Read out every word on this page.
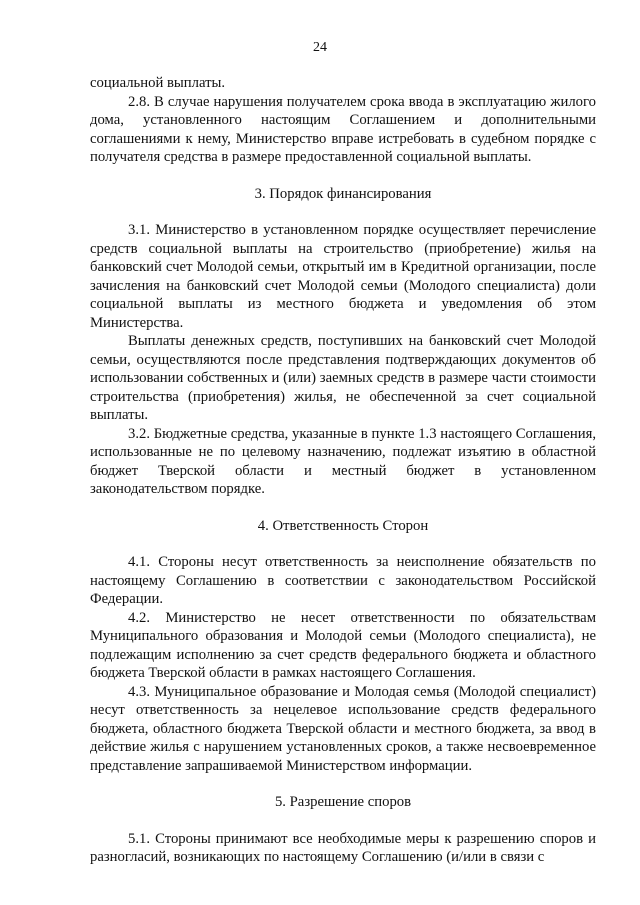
24

социальной выплаты.

2.8. В случае нарушения получателем срока ввода в эксплуатацию жилого дома, установленного настоящим Соглашением и дополнительными соглашениями к нему, Министерство вправе истребовать в судебном порядке с получателя средства в размере предоставленной социальной выплаты.

3. Порядок финансирования

3.1. Министерство в установленном порядке осуществляет перечисление средств социальной выплаты на строительство (приобретение) жилья на банковский счет Молодой семьи, открытый им в Кредитной организации, после зачисления на банковский счет Молодой семьи (Молодого специалиста) доли социальной выплаты из местного бюджета и уведомления об этом Министерства.

Выплаты денежных средств, поступивших на банковский счет Молодой семьи, осуществляются после представления подтверждающих документов об использовании собственных и (или) заемных средств в размере части стоимости строительства (приобретения) жилья, не обеспеченной за счет социальной выплаты.

3.2. Бюджетные средства, указанные в пункте 1.3 настоящего Соглашения, использованные не по целевому назначению, подлежат изъятию в областной бюджет Тверской области и местный бюджет в установленном законодательством порядке.

4. Ответственность Сторон

4.1. Стороны несут ответственность за неисполнение обязательств по настоящему Соглашению в соответствии с законодательством Российской Федерации.

4.2. Министерство не несет ответственности по обязательствам Муниципального образования и Молодой семьи (Молодого специалиста), не подлежащим исполнению за счет средств федерального бюджета и областного бюджета Тверской области в рамках настоящего Соглашения.

4.3. Муниципальное образование и Молодая семья (Молодой специалист) несут ответственность за нецелевое использование средств федерального бюджета, областного бюджета Тверской области и местного бюджета, за ввод в действие жилья с нарушением установленных сроков, а также несвоевременное представление запрашиваемой Министерством информации.

5. Разрешение споров

5.1. Стороны принимают все необходимые меры к разрешению споров и разногласий, возникающих по настоящему Соглашению (и/или в связи с
